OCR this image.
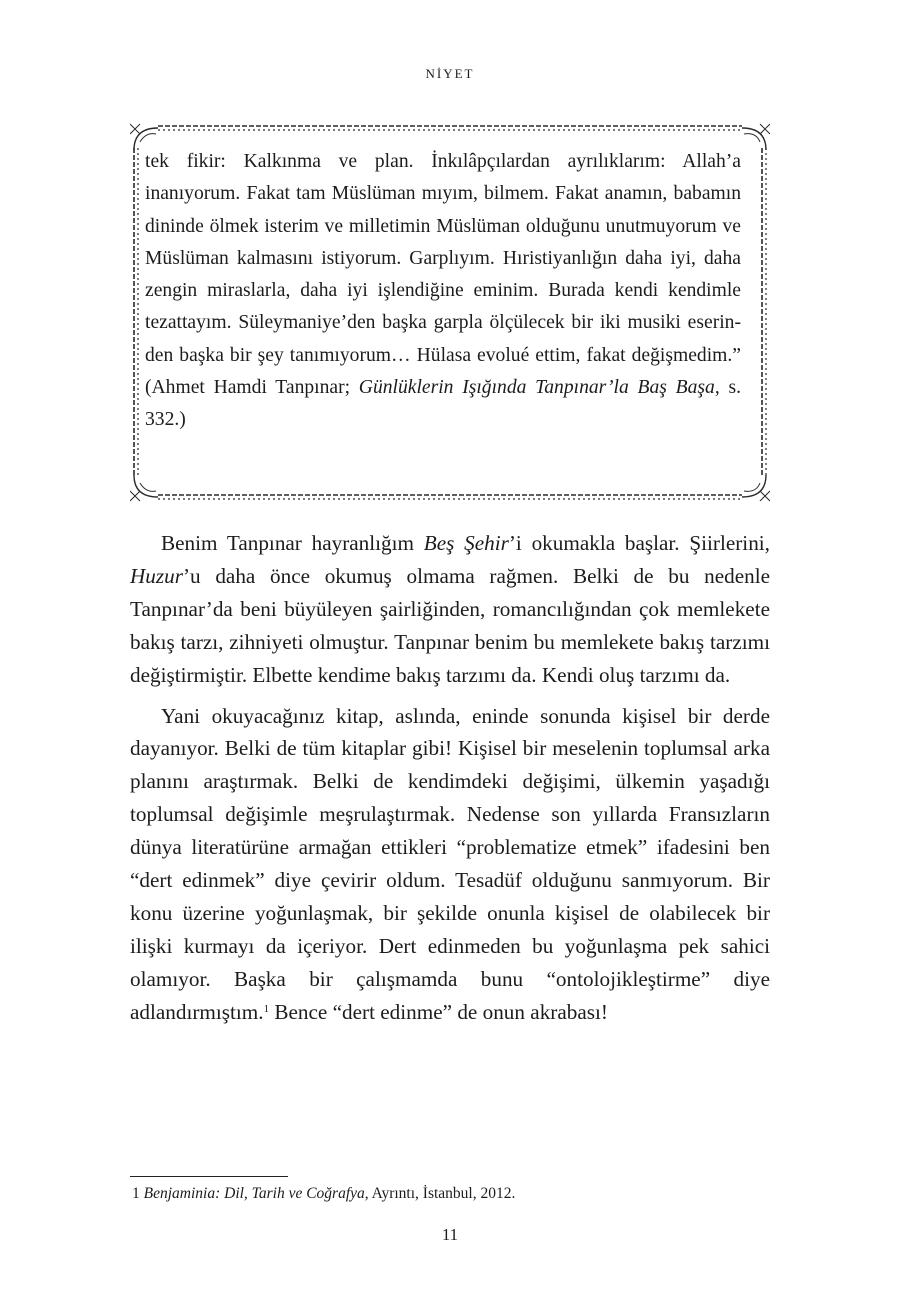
NİYET

tek fikir: Kalkınma ve plan. İnkılâpçılardan ayrılıklarım: Allah’a inanıyorum. Fakat tam Müslüman mıyım, bilmem. Fakat anamın, babamın dininde ölmek isterim ve milletimin Müslüman olduğunu unutmuyorum ve Müslüman kalmasını istiyorum. Garplıyım. Hıristiyanlığın daha iyi, daha zengin miraslarla, daha iyi işlendiğine eminim. Burada kendi kendimle tezattayım. Süleymaniye’den başka garpla ölçülecek bir iki musiki eserinden başka bir şey tanımıyorum… Hülasa evolué ettim, fakat değişmedim.” (Ahmet Hamdi Tanpınar; Günlüklerin Işığında Tanpınar’la Baş Başa, s. 332.)

Benim Tanpınar hayranlığım Beş Şehir’i okumakla başlar. Şiirlerini, Huzur’u daha önce okumuş olmama rağmen. Belki de bu nedenle Tanpınar’da beni büyüleyen şairliğinden, romancılığından çok memlekete bakış tarzı, zihniyeti olmuştur. Tanpınar benim bu memlekete bakış tarzımı değiştirmiştir. Elbette kendime bakış tarzımı da. Kendi oluş tarzımı da.

Yani okuyacağınız kitap, aslında, eninde sonunda kişisel bir derde dayanıyor. Belki de tüm kitaplar gibi! Kişisel bir meselenin toplumsal arka planını araştırmak. Belki de kendimdeki değişimi, ülkemin yaşadığı toplumsal değişimle meşrulaştırmak. Nedense son yıllarda Fransızların dünya literatürüne armağan ettikleri “problematize etmek” ifadesini ben “dert edinmek” diye çevirir oldum. Tesadüf olduğunu sanmıyorum. Bir konu üzerine yoğunlaşmak, bir şekilde onunla kişisel de olabilecek bir ilişki kurmayı da içeriyor. Dert edinmeden bu yoğunlaşma pek sahici olamıyor. Başka bir çalışmamda bunu “ontolojikleştirme” diye adlandırmıştım.$^1$ Bence “dert edinme” de onun akrabası!

1 Benjaminia: Dil, Tarih ve Coğrafya, Ayrıntı, İstanbul, 2012.
11
